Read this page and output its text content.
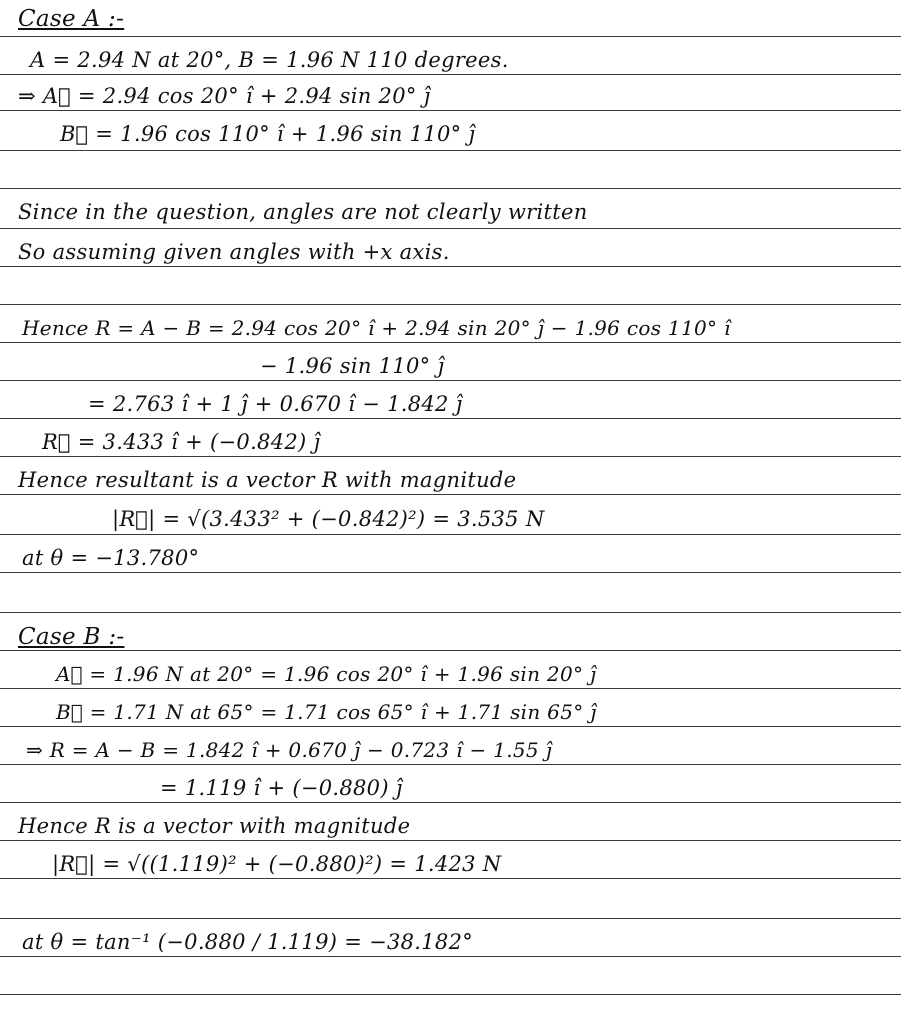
Case A :-
A = 2.94 N at 20°, B = 1.96 N 110 degrees.
⇒ A⃗ = 2.94 cos 20° î + 2.94 sin 20° ĵ
B⃗ = 1.96 cos 110° î + 1.96 sin 110° ĵ
Since in the question, angles are not clearly written
So assuming given angles with +x axis.
Hence R = A − B = 2.94 cos 20° î + 2.94 sin 20° ĵ − 1.96 cos 110° î
− 1.96 sin 110° ĵ
= 2.763 î + 1 ĵ + 0.670 î − 1.842 ĵ
R⃗ = 3.433 î + (−0.842) ĵ
Hence resultant is a vector R with magnitude
|R⃗| = √(3.433² + (−0.842)²) = 3.535 N
at θ = −13.780°
Case B :-
A⃗ = 1.96 N at 20° = 1.96 cos 20° î + 1.96 sin 20° ĵ
B⃗ = 1.71 N at 65° = 1.71 cos 65° î + 1.71 sin 65° ĵ
⇒ R = A − B = 1.842 î + 0.670 ĵ − 0.723 î − 1.55 ĵ
= 1.119 î + (−0.880) ĵ
Hence R is a vector with magnitude
|R⃗| = √((1.119)² + (−0.880)²) = 1.423 N
at θ = tan⁻¹ (−0.880 / 1.119) = −38.182°
